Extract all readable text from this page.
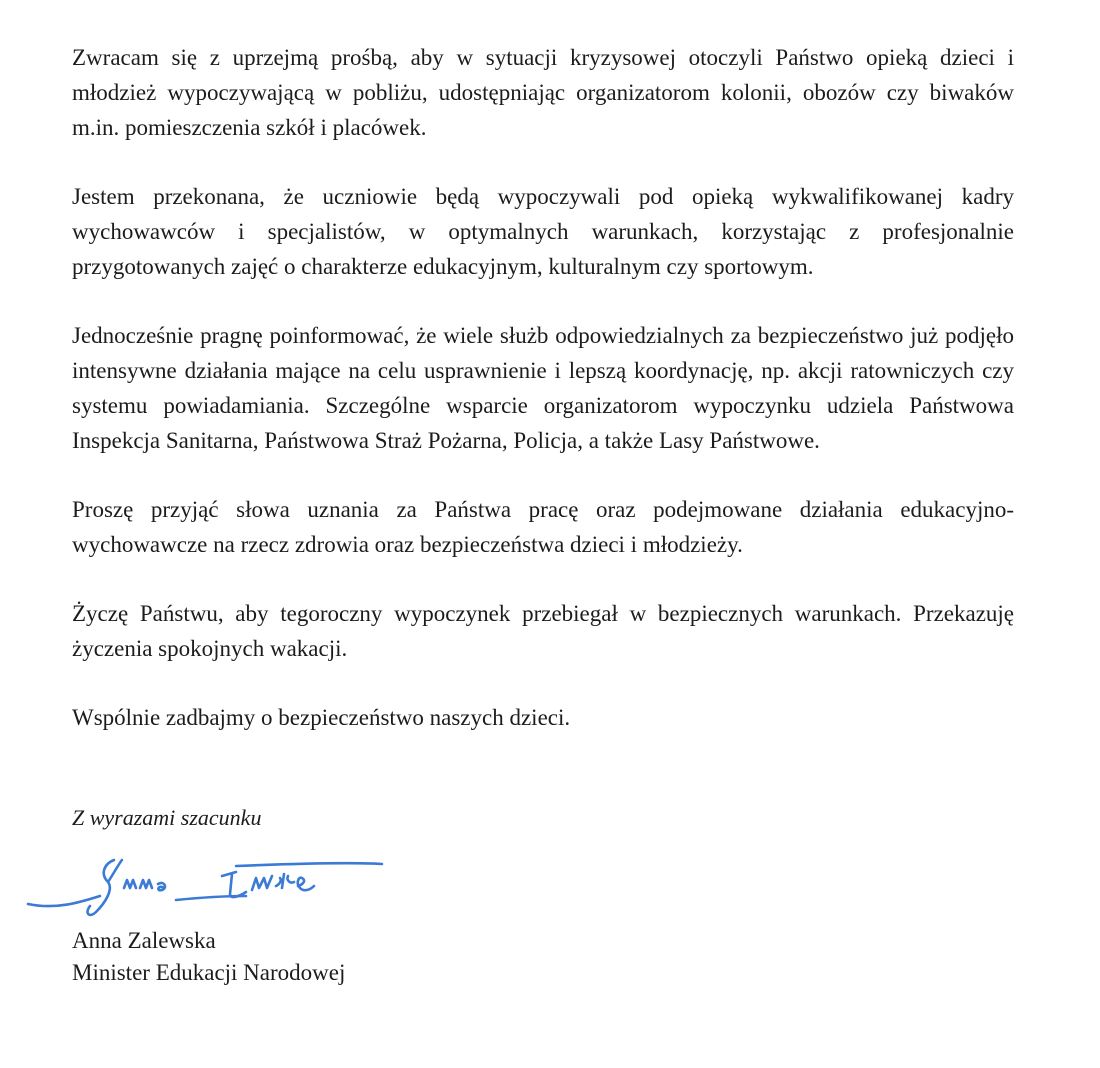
Zwracam się z uprzejmą prośbą, aby w sytuacji kryzysowej otoczyli Państwo opieką dzieci i młodzież wypoczywającą w pobliżu, udostępniając organizatorom kolonii, obozów czy biwaków m.in. pomieszczenia szkół i placówek.

Jestem przekonana, że uczniowie będą wypoczywali pod opieką wykwalifikowanej kadry wychowawców i specjalistów, w optymalnych warunkach, korzystając z profesjonalnie przygotowanych zajęć o charakterze edukacyjnym, kulturalnym czy sportowym.

Jednocześnie pragnę poinformować, że wiele służb odpowiedzialnych za bezpieczeństwo już podjęło intensywne działania mające na celu usprawnienie i lepszą koordynację, np. akcji ratowniczych czy systemu powiadamiania. Szczególne wsparcie organizatorom wypoczynku udziela Państwowa Inspekcja Sanitarna, Państwowa Straż Pożarna, Policja, a także Lasy Państwowe.

Proszę przyjąć słowa uznania za Państwa pracę oraz podejmowane działania edukacyjno-wychowawcze na rzecz zdrowia oraz bezpieczeństwa dzieci i młodzieży.

Życzę Państwu, aby tegoroczny wypoczynek przebiegał w bezpiecznych warunkach. Przekazuję życzenia spokojnych wakacji.

Wspólnie zadbajmy o bezpieczeństwo naszych dzieci.

Z wyrazami szacunku
Anna Zalewska
Minister Edukacji Narodowej
